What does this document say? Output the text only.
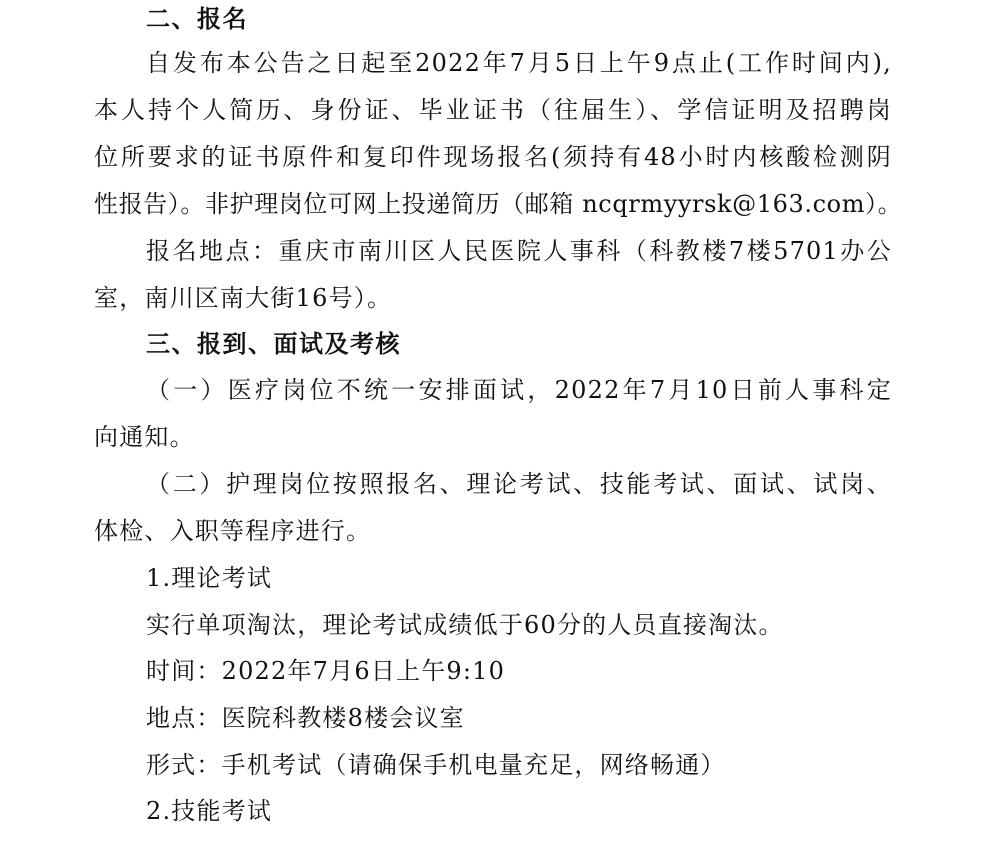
二、报名
自发布本公告之日起至2022年7月5日上午9点止(工作时间内),
本人持个人简历、身份证、毕业证书（往届生）、学信证明及招聘岗
位所要求的证书原件和复印件现场报名(须持有48小时内核酸检测阴
性报告）。非护理岗位可网上投递简历（邮箱 ncqrmyyrsk@163.com）。
报名地点：重庆市南川区人民医院人事科（科教楼7楼5701办公
室，南川区南大街16号）。
三、报到、面试及考核
（一）医疗岗位不统一安排面试，2022年7月10日前人事科定
向通知。
（二）护理岗位按照报名、理论考试、技能考试、面试、试岗、
体检、入职等程序进行。
1.理论考试
实行单项淘汰，理论考试成绩低于60分的人员直接淘汰。
时间：2022年7月6日上午9:10
地点：医院科教楼8楼会议室
形式：手机考试（请确保手机电量充足，网络畅通）
2.技能考试
